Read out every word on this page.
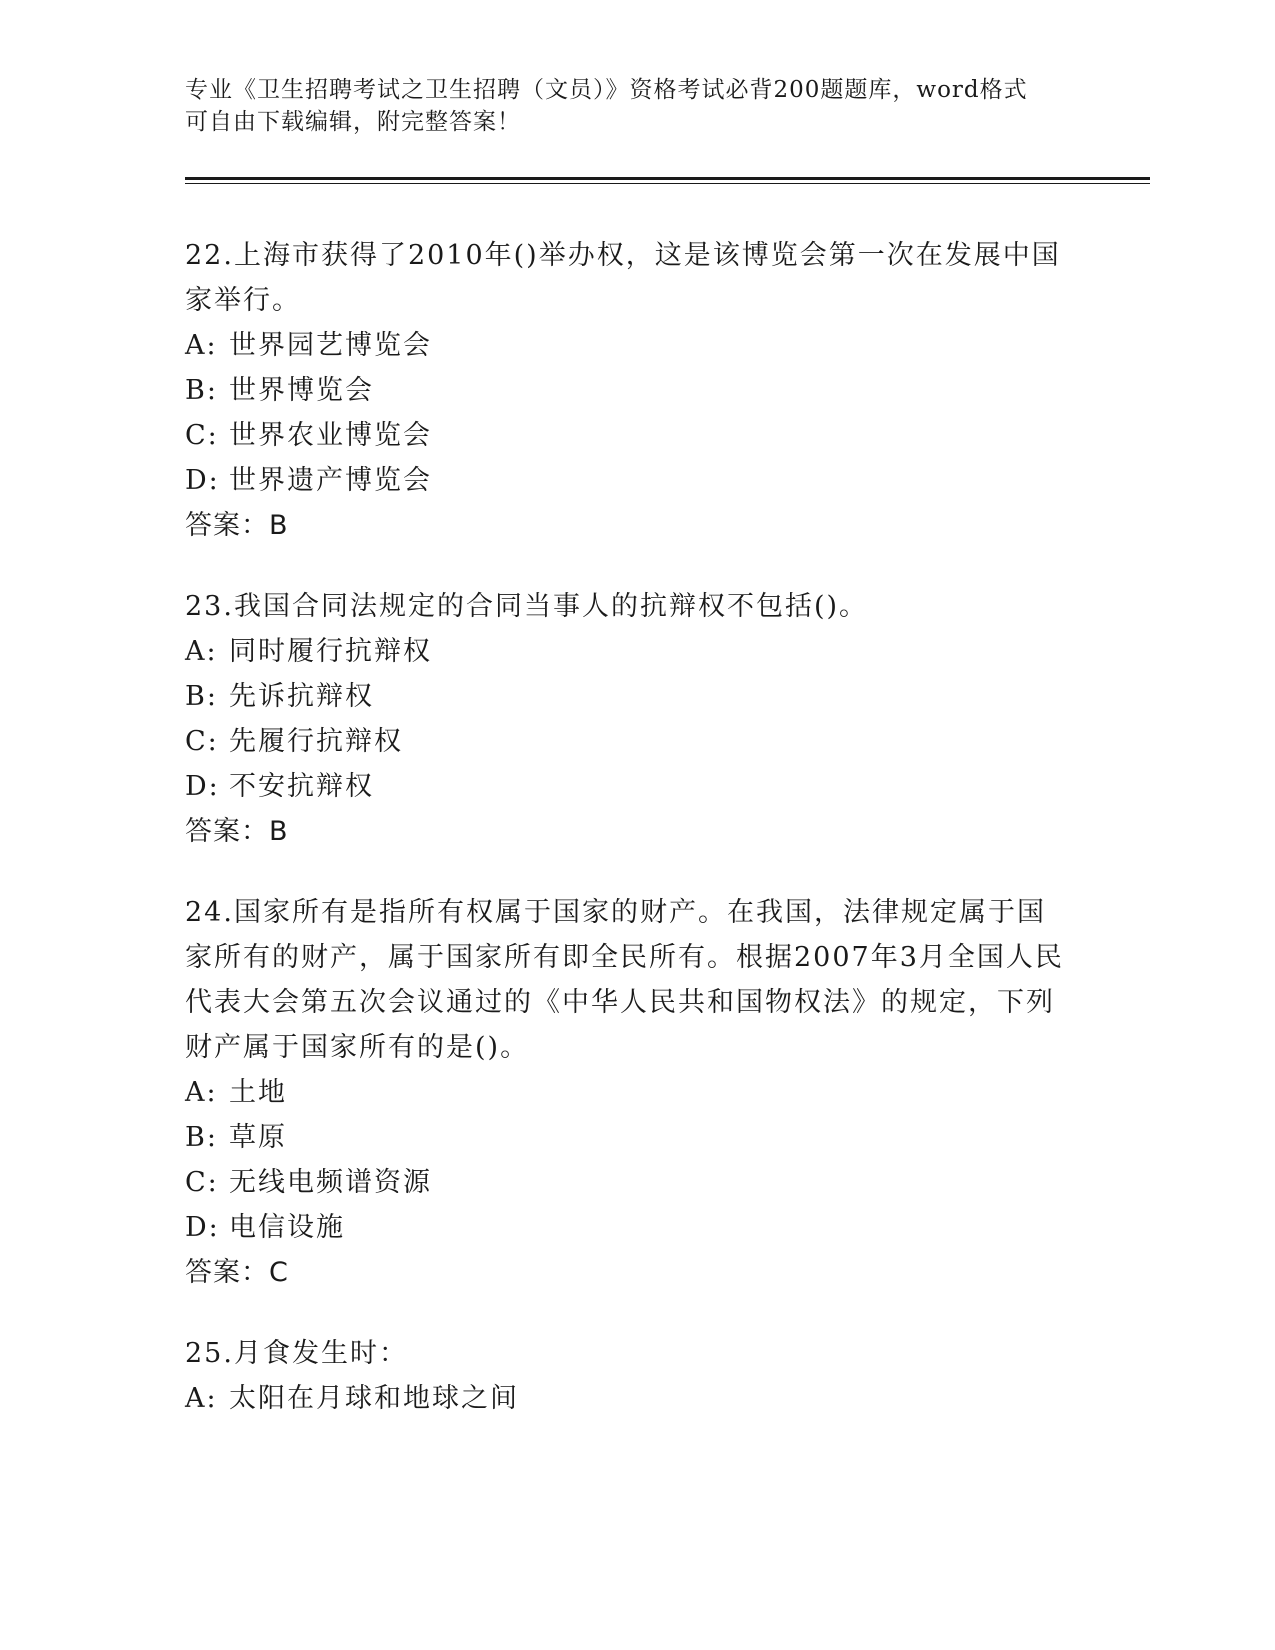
专业《卫生招聘考试之卫生招聘（文员）》资格考试必背200题题库，word格式
可自由下载编辑，附完整答案！

22.上海市获得了2010年()举办权，这是该博览会第一次在发展中国家举行。

A: 世界园艺博览会

B: 世界博览会

C: 世界农业博览会

D: 世界遗产博览会

答案：B

23.我国合同法规定的合同当事人的抗辩权不包括()。

A: 同时履行抗辩权

B: 先诉抗辩权

C: 先履行抗辩权

D: 不安抗辩权

答案：B

24.国家所有是指所有权属于国家的财产。在我国，法律规定属于国家所有的财产，属于国家所有即全民所有。根据2007年3月全国人民代表大会第五次会议通过的《中华人民共和国物权法》的规定，下列财产属于国家所有的是()。

A: 土地

B: 草原

C: 无线电频谱资源

D: 电信设施

答案：C

25.月食发生时：

A: 太阳在月球和地球之间
